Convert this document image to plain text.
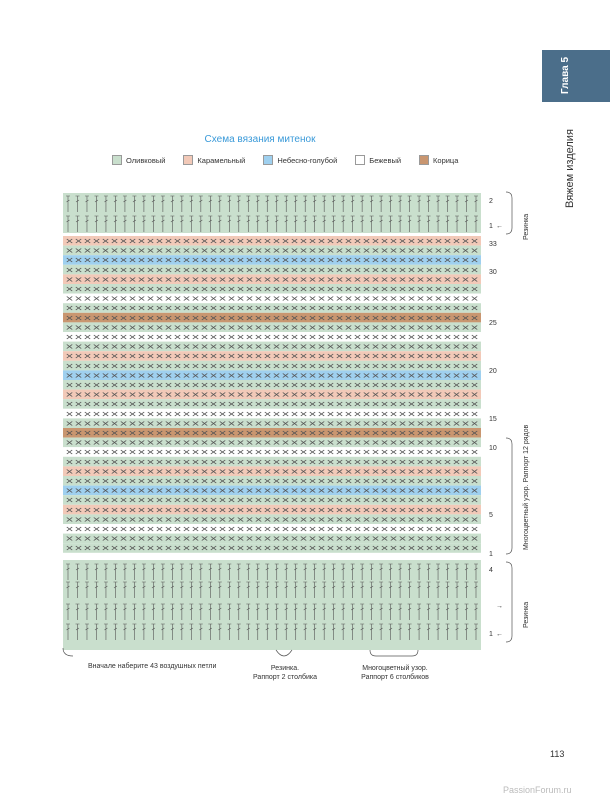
Глава 5
Вяжем изделия
Схема вязания митенок
Оливковый	Карамельный	Небесно-голубой	Бежевый	Корица
××××××××××××××××××××××××××××××××××××××××××××××
××××××××××××××××××××××××××××××××××××××××××××××
××××××××××××××××××××××××××××××××××××××××××××××
××××××××××××××××××××××××××××××××××××××××××××××
××××××××××××××××××××××××××××××××××××××××××××××
××××××××××××××××××××××××××××××××××××××××××××××
××××××××××××××××××××××××××××××××××××××××××××××
××××××××××××××××××××××××××××××××××××××××××××××
××××××××××××××××××××××××××××××××××××××××××××××
××××××××××××××××××××××××××××××××××××××××××××××
××××××××××××××××××××××××××××××××××××××××××××××
××××××××××××××××××××××××××××××××××××××××××××××
××××××××××××××××××××××××××××××××××××××××××××××
××××××××××××××××××××××××××××××××××××××××××××××
××××××××××××××××××××××××××××××××××××××××××××××
××××××××××××××××××××××××××××××××××××××××××××××
××××××××××××××××××××××××××××××××××××××××××××××
××××××××××××××××××××××××××××××××××××××××××××××
××××××××××××××××××××××××××××××××××××××××××××××
××××××××××××××××××××××××××××××××××××××××××××××
××××××××××××××××××××××××××××××××××××××××××××××
××××××××××××××××××××××××××××××××××××××××××××××
××××××××××××××××××××××××××××××××××××××××××××××
××××××××××××××××××××××××××××××××××××××××××××××
××××××××××××××××××××××××××××××××××××××××××××××
××××××××××××××××××××××××××××××××××××××××××××××
××××××××××××××××××××××××××××××××××××××××××××××
××××××××××××××××××××××××××××××××××××××××××××××
××××××××××××××××××××××××××××××××××××××××××××××
××××××××××××××××××××××××××××××××××××××××××××××
××××××××××××××××××××××××××××××××××××××××××××××
××××××××××××××××××××××××××××××××××××××××××××××
××××××××××××××××××××××××××××××××××××××××××××××
2
1
33
30
25
20
15
10
5
1
4
1
←
→
←
Резинка
Многоцветный узор. Раппорт 12 рядов
Резинка
Вначале наберите 43 воздушных петли	Резинка.
Раппорт 2 столбика
Многоцветный узор.
Раппорт 6 столбиков
113
PassionForum.ru
